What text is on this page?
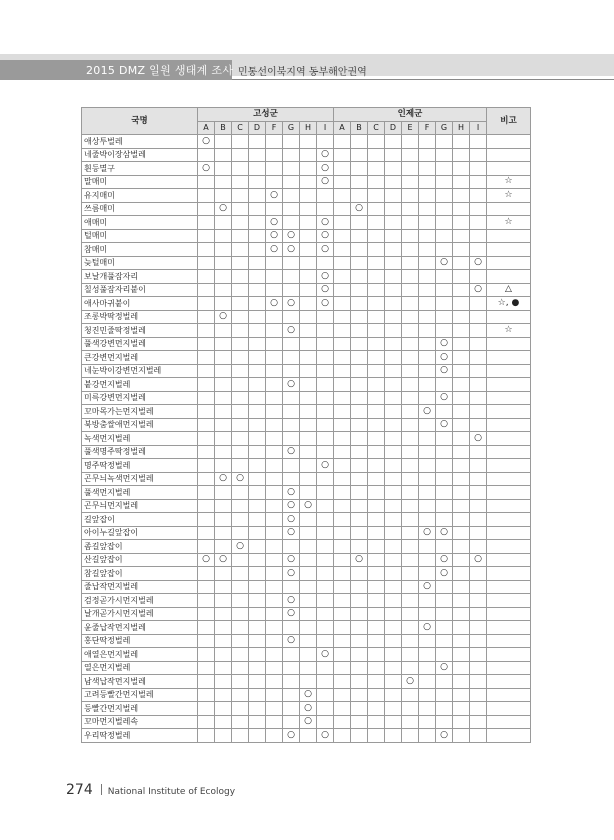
2015 DMZ 일원 생태계 조사 민통선이북지역 동부해안권역
국명	고성군								인제군									비고
	A	B	C	D	F	G	H	I	A	B	C	D	E	F	G	H	I	
애상투벌레	○																	
네줄박이장삼벌레								○										
흰등멸구	○							○										
말매미								○										☆
유지매미					○													☆
쓰름매미		○								○								
애매미					○			○										☆
털매미					○	○		○										
참매미					○	○		○										
늦털매미															○		○	
보날개풀잠자리								○										
칠성풀잠자리붙이								○									○	△
애사마귀붙이					○	○		○										☆, ●
조롱박딱정벌레		○																
청진민줄딱정벌레						○												☆
풀색강변먼지벌레															○			
큰강변먼지벌레															○			
네눈박이강변먼지벌레															○			
붙강먼지벌레						○												
미륵강변먼지벌레															○			
꼬마목가는먼지벌레														○				
북방춤쌀애먼지벌레															○			
녹색먼지벌레																	○	
풀색명주딱정벌레						○												
명주딱정벌레								○										
곤무늬녹색먼지벌레		○	○															
풀색먼지벌레						○												
곤무늬먼지벌레						○	○											
길앞잡이						○												
아이누길앞잡이						○								○	○			
좀길앞잡이			○															
산길앞잡이	○	○				○				○					○		○	
참길앞잡이						○									○			
줄납작먼지벌레														○				
검정곧가시먼지벌레						○												
날개곧가시먼지벌레						○												
윤줄납작먼지벌레														○				
홍단딱정벌레						○												
애열은먼지벌레								○										
열은먼지벌레															○			
남색납작먼지벌레													○					
고려등빨간먼지벌레							○											
등빨간먼지벌레							○											
꼬마먼지벌레속							○											
우리딱정벌레						○		○							○			
274 National Institute of Ecology
